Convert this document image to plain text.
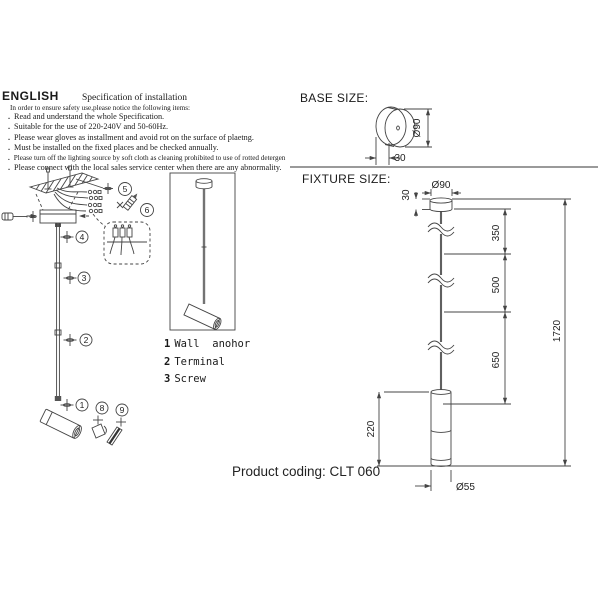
ENGLISH Specification of installation
In order to ensure safety use,please notice the following items:
. Read and understand the whole Specification.
. Suitable for the use of 220-240V and 50-60Hz.
. Please wear gloves as installment and avoid rot on the surface of plaetng.
. Must be installed on the fixed places and be checked annually.
. Please turn off the lighting source by soft cloth as cleaning prohibited to use of rotted detergen
. Please connect with the local sales service center when there are any abnormality.
5
6
4
3
2
1 8 9
1 Wall  anohor
2 Terminal
3 Screw
BASE SIZE:
Ø90
30
FIXTURE SIZE:	Ø90
30
350
500
650
1720
220
Ø55
Product coding: CLT 060
